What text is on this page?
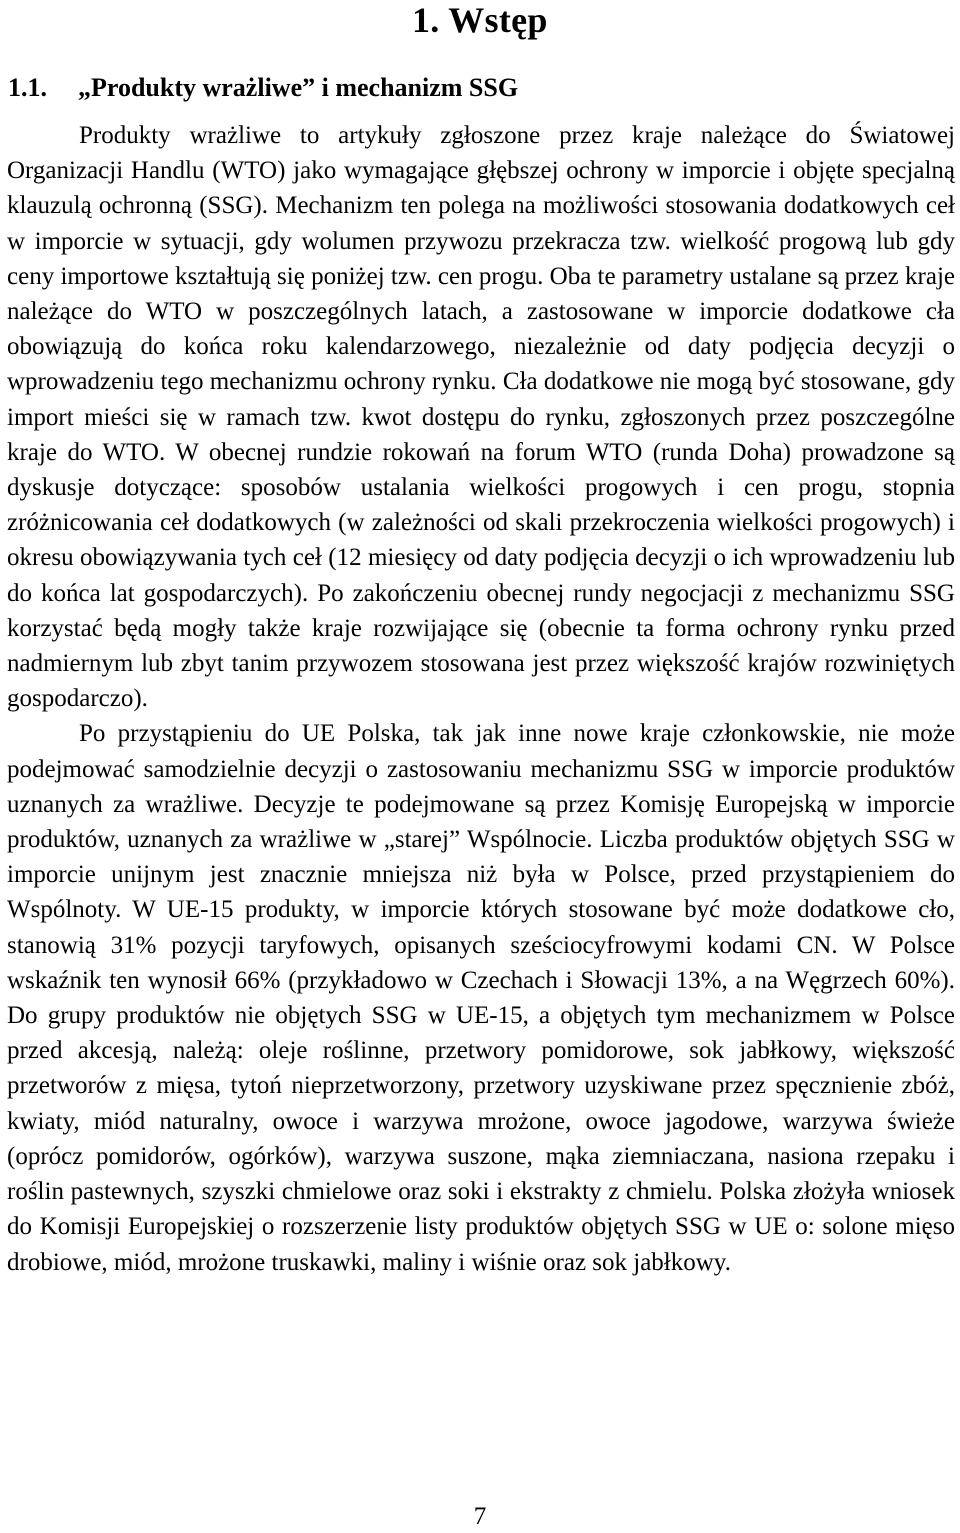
1. Wstęp
1.1. „Produkty wrażliwe” i mechanizm SSG

Produkty wrażliwe to artykuły zgłoszone przez kraje należące do Światowej Organizacji Handlu (WTO) jako wymagające głębszej ochrony w imporcie i objęte specjalną klauzulą ochronną (SSG). Mechanizm ten polega na możliwości stosowania dodatkowych ceł w imporcie w sytuacji, gdy wolumen przywozu przekracza tzw. wielkość progową lub gdy ceny importowe kształtują się poniżej tzw. cen progu. Oba te parametry ustalane są przez kraje należące do WTO w poszczególnych latach, a zastosowane w imporcie dodatkowe cła obowiązują do końca roku kalendarzowego, niezależnie od daty podjęcia decyzji o wprowadzeniu tego mechanizmu ochrony rynku. Cła dodatkowe nie mogą być stosowane, gdy import mieści się w ramach tzw. kwot dostępu do rynku, zgłoszonych przez poszczególne kraje do WTO. W obecnej rundzie rokowań na forum WTO (runda Doha) prowadzone są dyskusje dotyczące: sposobów ustalania wielkości progowych i cen progu, stopnia zróżnicowania ceł dodatkowych (w zależności od skali przekroczenia wielkości progowych) i okresu obowiązywania tych ceł (12 miesięcy od daty podjęcia decyzji o ich wprowadzeniu lub do końca lat gospodarczych). Po zakończeniu obecnej rundy negocjacji z mechanizmu SSG korzystać będą mogły także kraje rozwijające się (obecnie ta forma ochrony rynku przed nadmiernym lub zbyt tanim przywozem stosowana jest przez większość krajów rozwiniętych gospodarczo).

Po przystąpieniu do UE Polska, tak jak inne nowe kraje członkowskie, nie może podejmować samodzielnie decyzji o zastosowaniu mechanizmu SSG w imporcie produktów uznanych za wrażliwe. Decyzje te podejmowane są przez Komisję Europejską w imporcie produktów, uznanych za wrażliwe w „starej” Wspólnocie. Liczba produktów objętych SSG w imporcie unijnym jest znacznie mniejsza niż była w Polsce, przed przystąpieniem do Wspólnoty. W UE-15 produkty, w imporcie których stosowane być może dodatkowe cło, stanowią 31% pozycji taryfowych, opisanych sześciocyfrowymi kodami CN. W Polsce wskaźnik ten wynosił 66% (przykładowo w Czechach i Słowacji 13%, a na Węgrzech 60%). Do grupy produktów nie objętych SSG w UE-15, a objętych tym mechanizmem w Polsce przed akcesją, należą: oleje roślinne, przetwory pomidorowe, sok jabłkowy, większość przetworów z mięsa, tytoń nieprzetworzony, przetwory uzyskiwane przez spęcznienie zbóż, kwiaty, miód naturalny, owoce i warzywa mrożone, owoce jagodowe, warzywa świeże (oprócz pomidorów, ogórków), warzywa suszone, mąka ziemniaczana, nasiona rzepaku i roślin pastewnych, szyszki chmielowe oraz soki i ekstrakty z chmielu. Polska złożyła wniosek do Komisji Europejskiej o rozszerzenie listy produktów objętych SSG w UE o: solone mięso drobiowe, miód, mrożone truskawki, maliny i wiśnie oraz sok jabłkowy.

7
